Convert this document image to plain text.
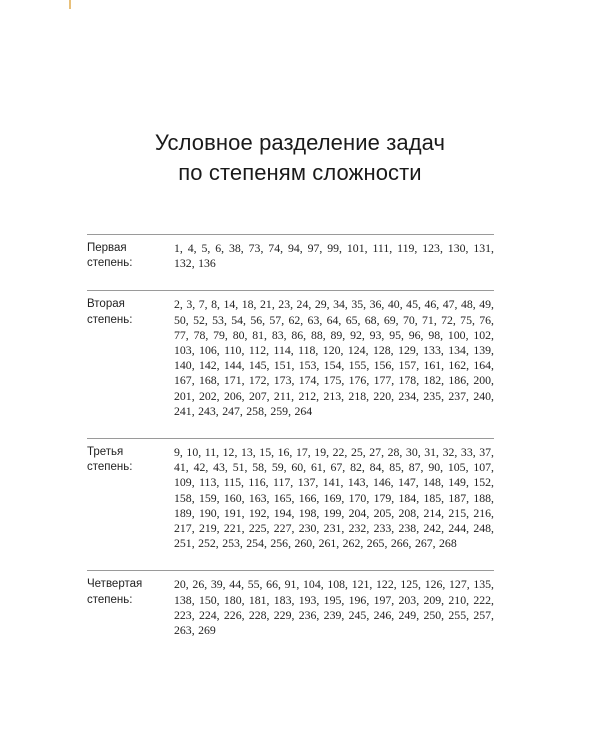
Условное разделение задач
по степеням сложности
Первая
степень:
1, 4, 5, 6, 38, 73, 74, 94, 97, 99, 101, 111, 119, 123, 130, 131, 132, 136
Вторая
степень:
2, 3, 7, 8, 14, 18, 21, 23, 24, 29, 34, 35, 36, 40, 45, 46, 47, 48, 49, 50, 52, 53, 54, 56, 57, 62, 63, 64, 65, 68, 69, 70, 71, 72, 75, 76, 77, 78, 79, 80, 81, 83, 86, 88, 89, 92, 93, 95, 96, 98, 100, 102, 103, 106, 110, 112, 114, 118, 120, 124, 128, 129, 133, 134, 139, 140, 142, 144, 145, 151, 153, 154, 155, 156, 157, 161, 162, 164, 167, 168, 171, 172, 173, 174, 175, 176, 177, 178, 182, 186, 200, 201, 202, 206, 207, 211, 212, 213, 218, 220, 234, 235, 237, 240, 241, 243, 247, 258, 259, 264
Третья
степень:
9, 10, 11, 12, 13, 15, 16, 17, 19, 22, 25, 27, 28, 30, 31, 32, 33, 37, 41, 42, 43, 51, 58, 59, 60, 61, 67, 82, 84, 85, 87, 90, 105, 107, 109, 113, 115, 116, 117, 137, 141, 143, 146, 147, 148, 149, 152, 158, 159, 160, 163, 165, 166, 169, 170, 179, 184, 185, 187, 188, 189, 190, 191, 192, 194, 198, 199, 204, 205, 208, 214, 215, 216, 217, 219, 221, 225, 227, 230, 231, 232, 233, 238, 242, 244, 248, 251, 252, 253, 254, 256, 260, 261, 262, 265, 266, 267, 268
Четвертая
степень:
20, 26, 39, 44, 55, 66, 91, 104, 108, 121, 122, 125, 126, 127, 135, 138, 150, 180, 181, 183, 193, 195, 196, 197, 203, 209, 210, 222, 223, 224, 226, 228, 229, 236, 239, 245, 246, 249, 250, 255, 257, 263, 269
